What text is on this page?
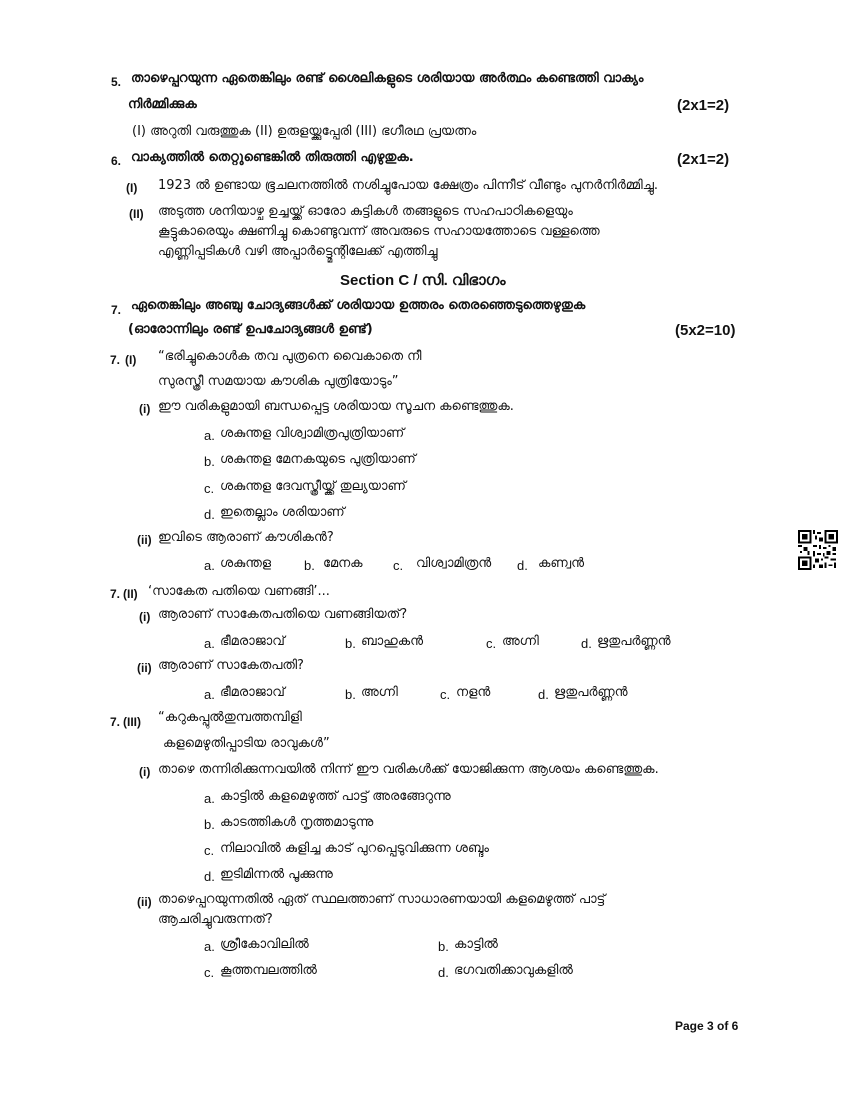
5. താഴെപ്പറയുന്ന ഏതെങ്കിലും രണ്ട് ശൈലികളുടെ ശരിയായ അർത്ഥം കണ്ടെത്തി വാക്യം
നിർമ്മിക്കുക	(2x1=2)
(I) അറുതി വരുത്തുക (II) ഉരുളയ്ക്കുപ്പേരി (III) ഭഗീരഥ പ്രയത്നം
6. വാക്യത്തിൽ തെറ്റുണ്ടെങ്കിൽ തിരുത്തി എഴുതുക.	(2x1=2)
(I) 1923 ൽ ഉണ്ടായ ഭൂചലനത്തിൽ നശിച്ചുപോയ ക്ഷേത്രം പിന്നീട് വീണ്ടും പുനർനിർമ്മിച്ചു.
(II) അടുത്ത ശനിയാഴ്ച ഉച്ചയ്ക്ക് ഓരോ കുട്ടികൾ തങ്ങളുടെ സഹപാഠികളെയും
കൂട്ടുകാരെയും ക്ഷണിച്ചു കൊണ്ടുവന്ന് അവരുടെ സഹായത്തോടെ വള്ളത്തെ
എണ്ണിപ്പടികൾ വഴി അപ്പാർട്ട്മെന്റിലേക്ക് എത്തിച്ചു
Section C / സി. വിഭാഗം
7. ഏതെങ്കിലും അഞ്ചു ചോദ്യങ്ങൾക്ക് ശരിയായ ഉത്തരം തെരഞ്ഞെടുത്തെഴുതുക
(ഓരോന്നിലും രണ്ട് ഉപചോദ്യങ്ങൾ ഉണ്ട്)	(5x2=10)
7. (I) “ഭരിച്ചുകൊൾക തവ പുത്രനെ വൈകാതെ നീ
സുരസ്ത്രീ സമയായ കൗശിക പുത്രിയോടും”
(i) ഈ വരികളുമായി ബന്ധപ്പെട്ട ശരിയായ സൂചന കണ്ടെത്തുക.
a. ശകുന്തള വിശ്വാമിത്രപുത്രിയാണ്
b. ശകുന്തള മേനകയുടെ പുത്രിയാണ്
c. ശകുന്തള ദേവസ്ത്രീയ്ക്ക് തുല്യയാണ്
d. ഇതെല്ലാം ശരിയാണ്
(ii) ഇവിടെ ആരാണ് കൗശികൻ?
a. ശകുന്തള	b. മേനക c. വിശ്വാമിത്രൻ d. കണ്വൻ
7. (II) ‘സാകേത പതിയെ വണങ്ങി’...
(i) ആരാണ് സാകേതപതിയെ വണങ്ങിയത്?
a. ഭീമരാജാവ്	b. ബാഹുകൻ	c. അഗ്നി	d. ഋതുപർണ്ണൻ
(ii) ആരാണ് സാകേതപതി?
a. ഭീമരാജാവ്	b. അഗ്നി	c. നളൻ	d. ഋതുപർണ്ണൻ
7. (III) “കറുകപ്പുൽതുമ്പത്തമ്പിളി
കളമെഴുതിപ്പാടിയ രാവുകൾ”
(i) താഴെ തന്നിരിക്കുന്നവയിൽ നിന്ന് ഈ വരികൾക്ക് യോജിക്കുന്ന ആശയം കണ്ടെത്തുക.
a. കാട്ടിൽ കളമെഴുത്ത് പാട്ട് അരങ്ങേറുന്നു
b. കാടത്തികൾ നൃത്തമാടുന്നു
c. നിലാവിൽ കുളിച്ച കാട് പുറപ്പെടുവിക്കുന്ന ശബ്ദം
d. ഇടിമിന്നൽ പൂക്കുന്നു
(ii) താഴെപ്പറയുന്നതിൽ ഏത് സ്ഥലത്താണ് സാധാരണയായി കളമെഴുത്ത് പാട്ട്
ആചരിച്ചുവരുന്നത്?
a. ശ്രീകോവിലിൽ	b. കാട്ടിൽ
c. കൂത്തമ്പലത്തിൽ	d. ഭഗവതിക്കാവുകളിൽ
Page 3 of 6
